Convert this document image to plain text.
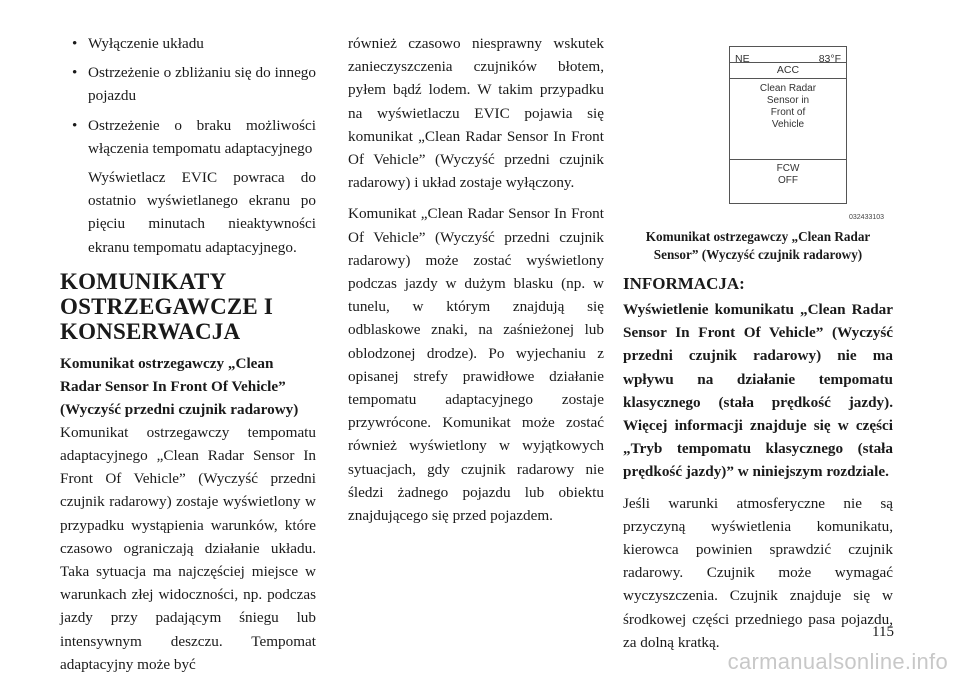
• Wyłączenie układu
• Ostrzeżenie o zbliżaniu się do innego pojazdu
• Ostrzeżenie o braku możliwości włączenia tempomatu adaptacyjnego

Wyświetlacz EVIC powraca do ostatnio wyświetlanego ekranu po pięciu minutach nieaktywności ekranu tempomatu adaptacyjnego.

KOMUNIKATY OSTRZEGAWCZE I KONSERWACJA
Komunikat ostrzegawczy „Clean Radar Sensor In Front Of Vehicle” (Wyczyść przedni czujnik radarowy)

Komunikat ostrzegawczy tempomatu adaptacyjnego „Clean Radar Sensor In Front Of Vehicle” (Wyczyść przedni czujnik radarowy) zostaje wyświetlony w przypadku wystąpienia warunków, które czasowo ograniczają działanie układu. Taka sytuacja ma najczęściej miejsce w warunkach złej widoczności, np. podczas jazdy przy padającym śniegu lub intensywnym deszczu. Tempomat adaptacyjny może być

również czasowo niesprawny wskutek zanieczyszczenia czujników błotem, pyłem bądź lodem. W takim przypadku na wyświetlaczu EVIC pojawia się komunikat „Clean Radar Sensor In Front Of Vehicle” (Wyczyść przedni czujnik radarowy) i układ zostaje wyłączony.

Komunikat „Clean Radar Sensor In Front Of Vehicle” (Wyczyść przedni czujnik radarowy) może zostać wyświetlony podczas jazdy w dużym blasku (np. w tunelu, w którym znajdują się odblaskowe znaki, na zaśnieżonej lub oblodzonej drodze). Po wyjechaniu z opisanej strefy prawidłowe działanie tempomatu adaptacyjnego zostaje przywrócone. Komunikat może zostać również wyświetlony w wyjątkowych sytuacjach, gdy czujnik radarowy nie śledzi żadnego pojazdu lub obiektu znajdującego się przed pojazdem.

NE	83°F
ACC
Clean Radar
Sensor in
Front of
Vehicle
FCW
OFF
032433103
Komunikat ostrzegawczy „Clean Radar Sensor” (Wyczyść czujnik radarowy)
INFORMACJA:

Wyświetlenie komunikatu „Clean Radar Sensor In Front Of Vehicle” (Wyczyść przedni czujnik radarowy) nie ma wpływu na działanie tempomatu klasycznego (stała prędkość jazdy). Więcej informacji znajduje się w części „Tryb tempomatu klasycznego (stała prędkość jazdy)” w niniejszym rozdziale.

Jeśli warunki atmosferyczne nie są przyczyną wyświetlenia komunikatu, kierowca powinien sprawdzić czujnik radarowy. Czujnik może wymagać wyczyszczenia. Czujnik znajduje się w środkowej części przedniego pasa pojazdu, za dolną kratką.

115
carmanualsonline.info
